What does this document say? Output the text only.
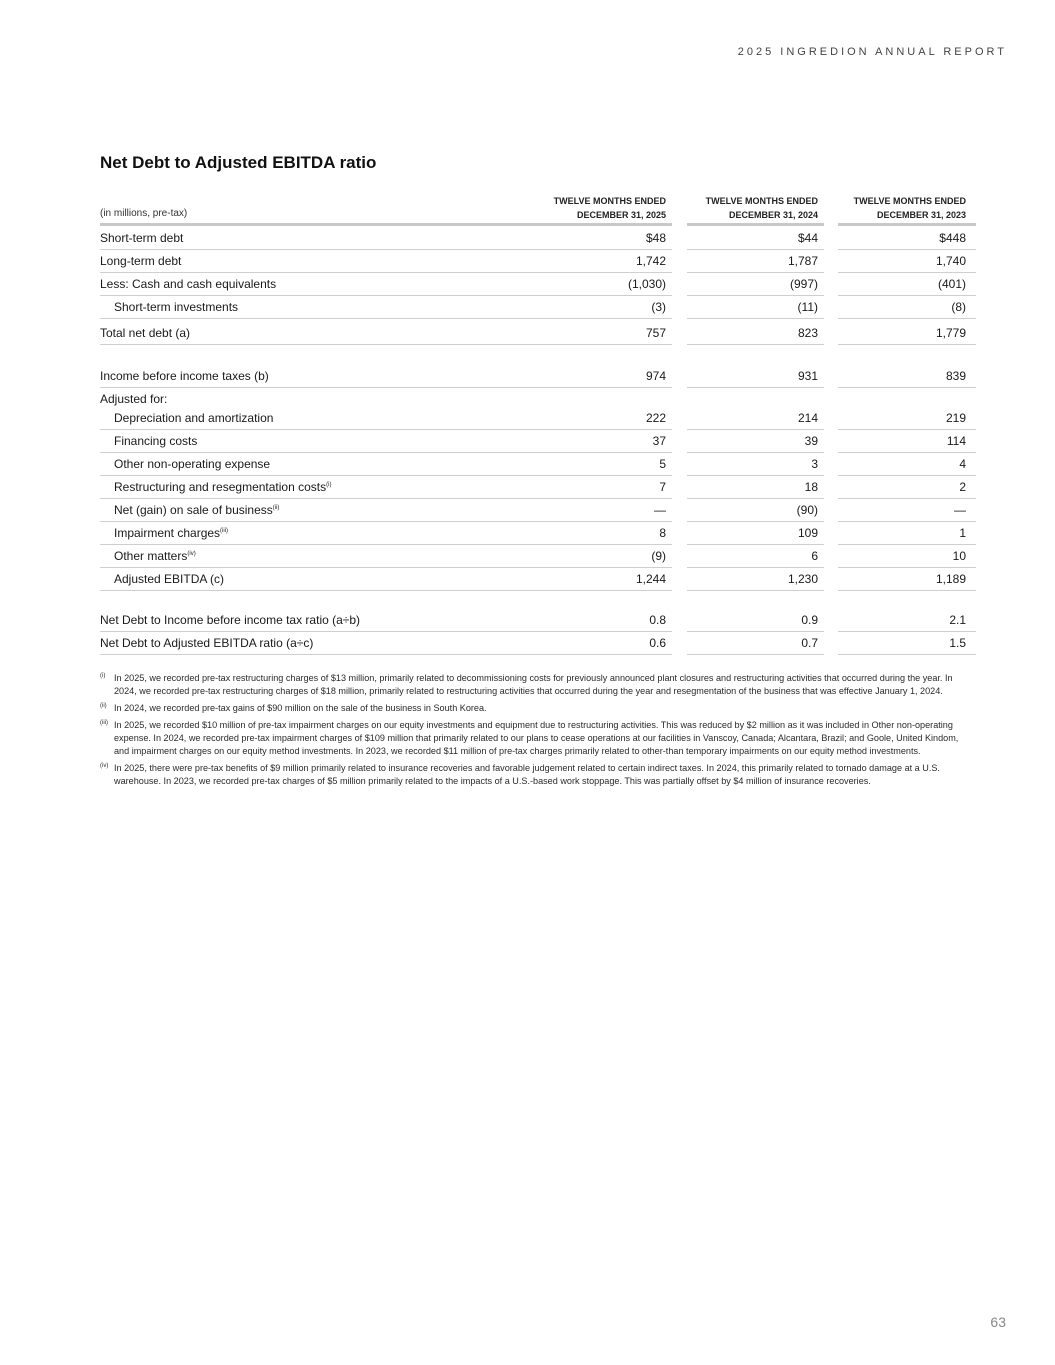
2025 INGREDION ANNUAL REPORT
Net Debt to Adjusted EBITDA ratio
(in millions, pre-tax)
TWELVE MONTHS ENDED
DECEMBER 31, 2025
TWELVE MONTHS ENDED
DECEMBER 31, 2024
TWELVE MONTHS ENDED
DECEMBER 31, 2023
Short-term debt	$48	$44	$448
Long-term debt	1,742	1,787	1,740
Less: Cash and cash equivalents	(1,030)	(997)	(401)
Short-term investments	(3)	(11)	(8)
Total net debt (a)	757	823	1,779
Income before income taxes (b)	974	931	839
Adjusted for:
Depreciation and amortization	222	214	219
Financing costs	37	39	114
Other non-operating expense	5	3	4
Restructuring and resegmentation costs$^{(i)}$	7	18	2
Net (gain) on sale of business$^{(ii)}$	—	(90)	—
Impairment charges$^{(iii)}$	8	109	1
Other matters$^{(iv)}$	(9)	6	10
Adjusted EBITDA (c)	1,244	1,230	1,189
Net Debt to Income before income tax ratio (a÷b)	0.8	0.9	2.1
Net Debt to Adjusted EBITDA ratio (a÷c)	0.6	0.7	1.5
(i) In 2025, we recorded pre-tax restructuring charges of $13 million, primarily related to decommissioning costs for previously announced plant closures and restructuring activities that occurred during the year. In 2024, we recorded pre-tax restructuring charges of $18 million, primarily related to restructuring activities that occurred during the year and resegmentation of the business that was effective January 1, 2024.
(ii) In 2024, we recorded pre-tax gains of $90 million on the sale of the business in South Korea.
(iii) In 2025, we recorded $10 million of pre-tax impairment charges on our equity investments and equipment due to restructuring activities. This was reduced by $2 million as it was included in Other non-operating expense. In 2024, we recorded pre-tax impairment charges of $109 million that primarily related to our plans to cease operations at our facilities in Vanscoy, Canada; Alcantara, Brazil; and Goole, United Kindom, and impairment charges on our equity method investments. In 2023, we recorded $11 million of pre-tax charges primarily related to other-than temporary impairments on our equity method investments.
(iv) In 2025, there were pre-tax benefits of $9 million primarily related to insurance recoveries and favorable judgement related to certain indirect taxes. In 2024, this primarily related to tornado damage at a U.S. warehouse. In 2023, we recorded pre-tax charges of $5 million primarily related to the impacts of a U.S.-based work stoppage. This was partially offset by $4 million of insurance recoveries.
63
